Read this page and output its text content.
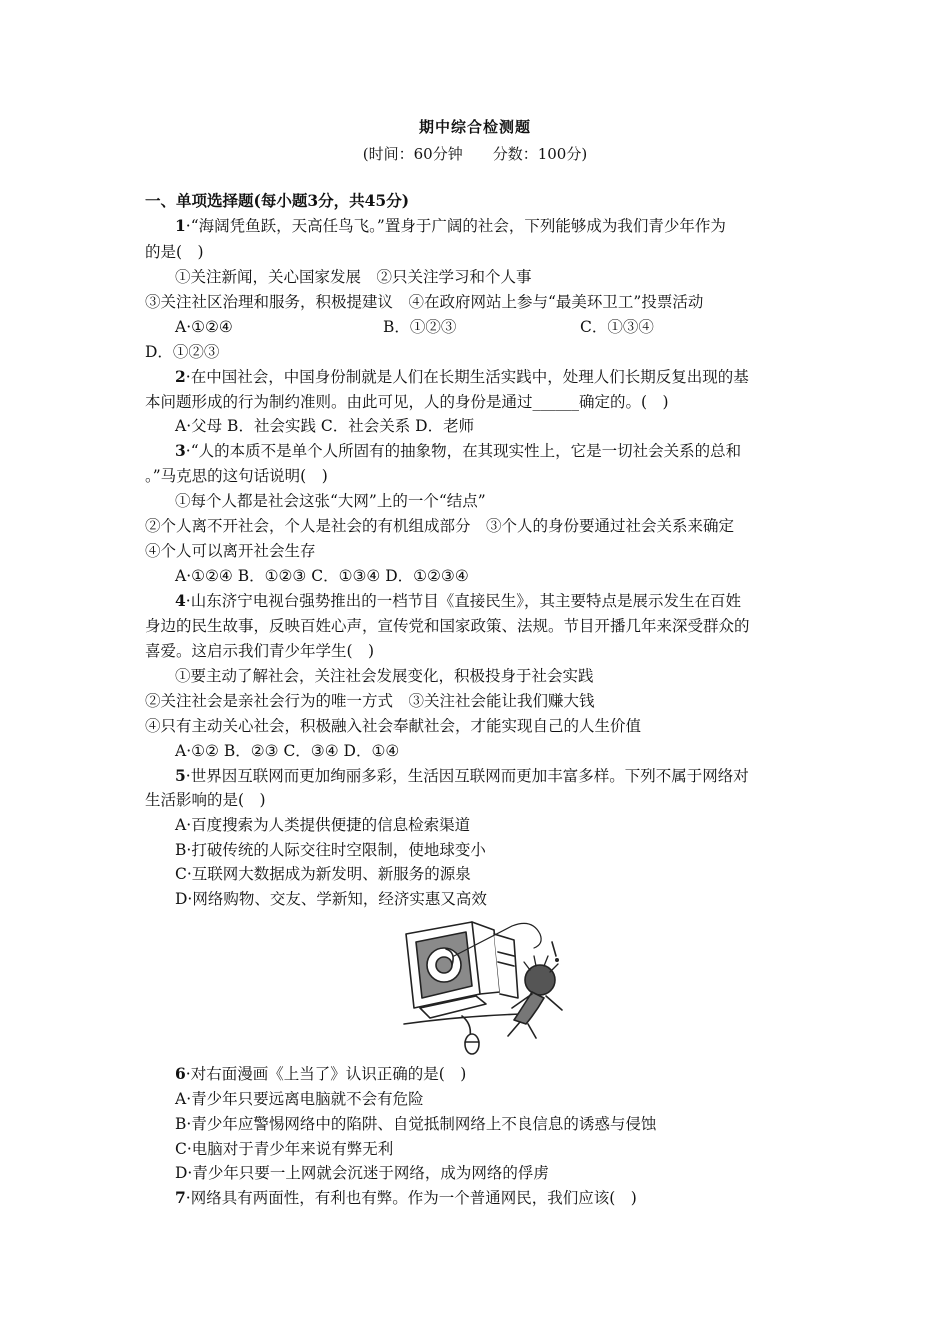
期中综合检测题
(时间：60分钟　　分数：100分)
一、单项选择题(每小题3分，共45分)
1·“海阔凭鱼跃，天高任鸟飞。”置身于广阔的社会，下列能够成为我们青少年作为
的是(　)
①关注新闻，关心国家发展　②只关注学习和个人事
③关注社区治理和服务，积极提建议　④在政府网站上参与“最美环卫工”投票活动
A·①②④	B．①②③	C．①③④
D．①②③
2·在中国社会，中国身份制就是人们在长期生活实践中，处理人们长期反复出现的基
本问题形成的行为制约准则。由此可见，人的身份是通过______确定的。(　)
A·父母 B．社会实践 C．社会关系 D．老师
3·“人的本质不是单个人所固有的抽象物，在其现实性上，它是一切社会关系的总和
。”马克思的这句话说明(　)
①每个人都是社会这张“大网”上的一个“结点”
②个人离不开社会，个人是社会的有机组成部分　③个人的身份要通过社会关系来确定
④个人可以离开社会生存
A·①②④ B．①②③ C．①③④ D．①②③④
4·山东济宁电视台强势推出的一档节目《直接民生》，其主要特点是展示发生在百姓
身边的民生故事，反映百姓心声，宣传党和国家政策、法规。节目开播几年来深受群众的
喜爱。这启示我们青少年学生(　)
①要主动了解社会，关注社会发展变化，积极投身于社会实践
②关注社会是亲社会行为的唯一方式　③关注社会能让我们赚大钱
④只有主动关心社会，积极融入社会奉献社会，才能实现自己的人生价值
A·①② B．②③ C．③④ D．①④
5·世界因互联网而更加绚丽多彩，生活因互联网而更加丰富多样。下列不属于网络对
生活影响的是(　)
A·百度搜索为人类提供便捷的信息检索渠道
B·打破传统的人际交往时空限制，使地球变小
C·互联网大数据成为新发明、新服务的源泉
D·网络购物、交友、学新知，经济实惠又高效
6·对右面漫画《上当了》认识正确的是(　)
A·青少年只要远离电脑就不会有危险
B·青少年应警惕网络中的陷阱、自觉抵制网络上不良信息的诱惑与侵蚀
C·电脑对于青少年来说有弊无利
D·青少年只要一上网就会沉迷于网络，成为网络的俘虏
7·网络具有两面性，有利也有弊。作为一个普通网民，我们应该(　)
